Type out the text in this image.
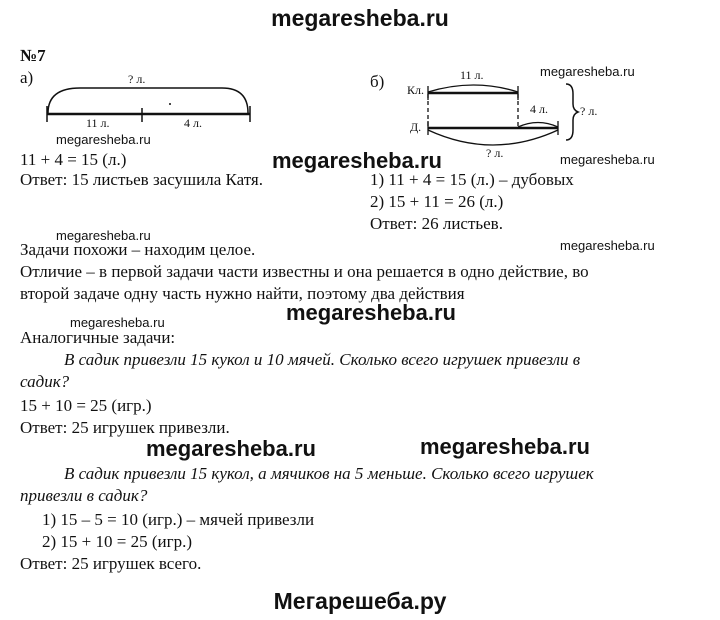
megaresheba.ru
№7
а)	? л.
11 л.	4 л.
megaresheba.ru
11 + 4 = 15 (л.)
Ответ: 15 листьев засушила Катя.
б)
megaresheba.ru
Кл.
Д.
11 л.
4 л.	? л.
? л.	megaresheba.ru
megaresheba.ru
1) 11 + 4 = 15 (л.) – дубовых
2) 15 + 11 = 26 (л.)
Ответ: 26 листьев.
megaresheba.ru
megaresheba.ru
Задачи похожи – находим целое.
Отличие – в первой задачи части известны и она решается в одно действие, во
второй задаче одну часть нужно найти, поэтому два действия
megaresheba.ru	megaresheba.ru
Аналогичные задачи:
В садик привезли 15 кукол и 10 мячей. Сколько всего игрушек привезли в
садик?
15 + 10 = 25 (игр.)
Ответ: 25 игрушек привезли.
megaresheba.ru	megaresheba.ru
В садик привезли 15 кукол, а мячиков на 5 меньше. Сколько всего игрушек
привезли в садик?
1) 15 – 5 = 10 (игр.) – мячей привезли
2) 15 + 10 = 25 (игр.)
Ответ: 25 игрушек всего.
Мегарешеба.ру
